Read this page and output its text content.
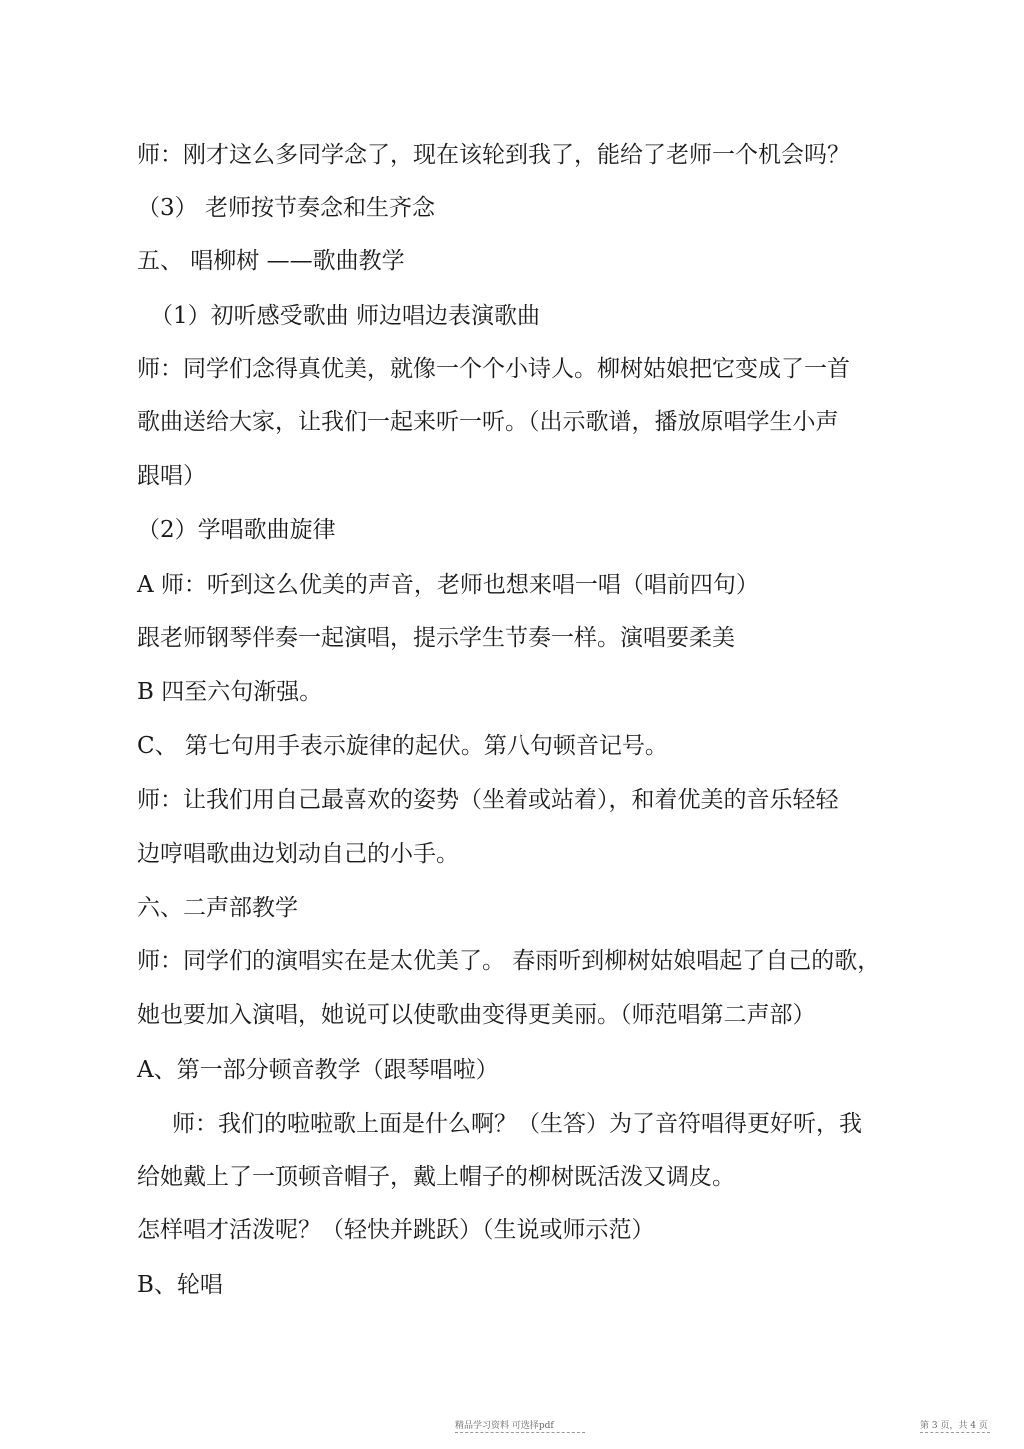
师：刚才这么多同学念了，现在该轮到我了，能给了老师一个机会吗？
（3） 老师按节奏念和生齐念
五、 唱柳树 ——歌曲教学
（1）初听感受歌曲 师边唱边表演歌曲
师：同学们念得真优美，就像一个个小诗人。柳树姑娘把它变成了一首
歌曲送给大家，让我们一起来听一听。（出示歌谱，播放原唱学生小声
跟唱）
（2）学唱歌曲旋律
A 师：听到这么优美的声音，老师也想来唱一唱（唱前四句）
跟老师钢琴伴奏一起演唱，提示学生节奏一样。演唱要柔美
B 四至六句渐强。
C、 第七句用手表示旋律的起伏。第八句顿音记号。
师：让我们用自己最喜欢的姿势（坐着或站着），和着优美的音乐轻轻
边哼唱歌曲边划动自己的小手。
六、二声部教学
师：同学们的演唱实在是太优美了。 春雨听到柳树姑娘唱起了自己的歌，
她也要加入演唱，她说可以使歌曲变得更美丽。（师范唱第二声部）
A、第一部分顿音教学（跟琴唱啦）
师：我们的啦啦歌上面是什么啊？（生答）为了音符唱得更好听，我
给她戴上了一顶顿音帽子，戴上帽子的柳树既活泼又调皮。
怎样唱才活泼呢？（轻快并跳跃）（生说或师示范）
B、轮唱
精品学习资料 可选择pdf	第 3 页，共 4 页
